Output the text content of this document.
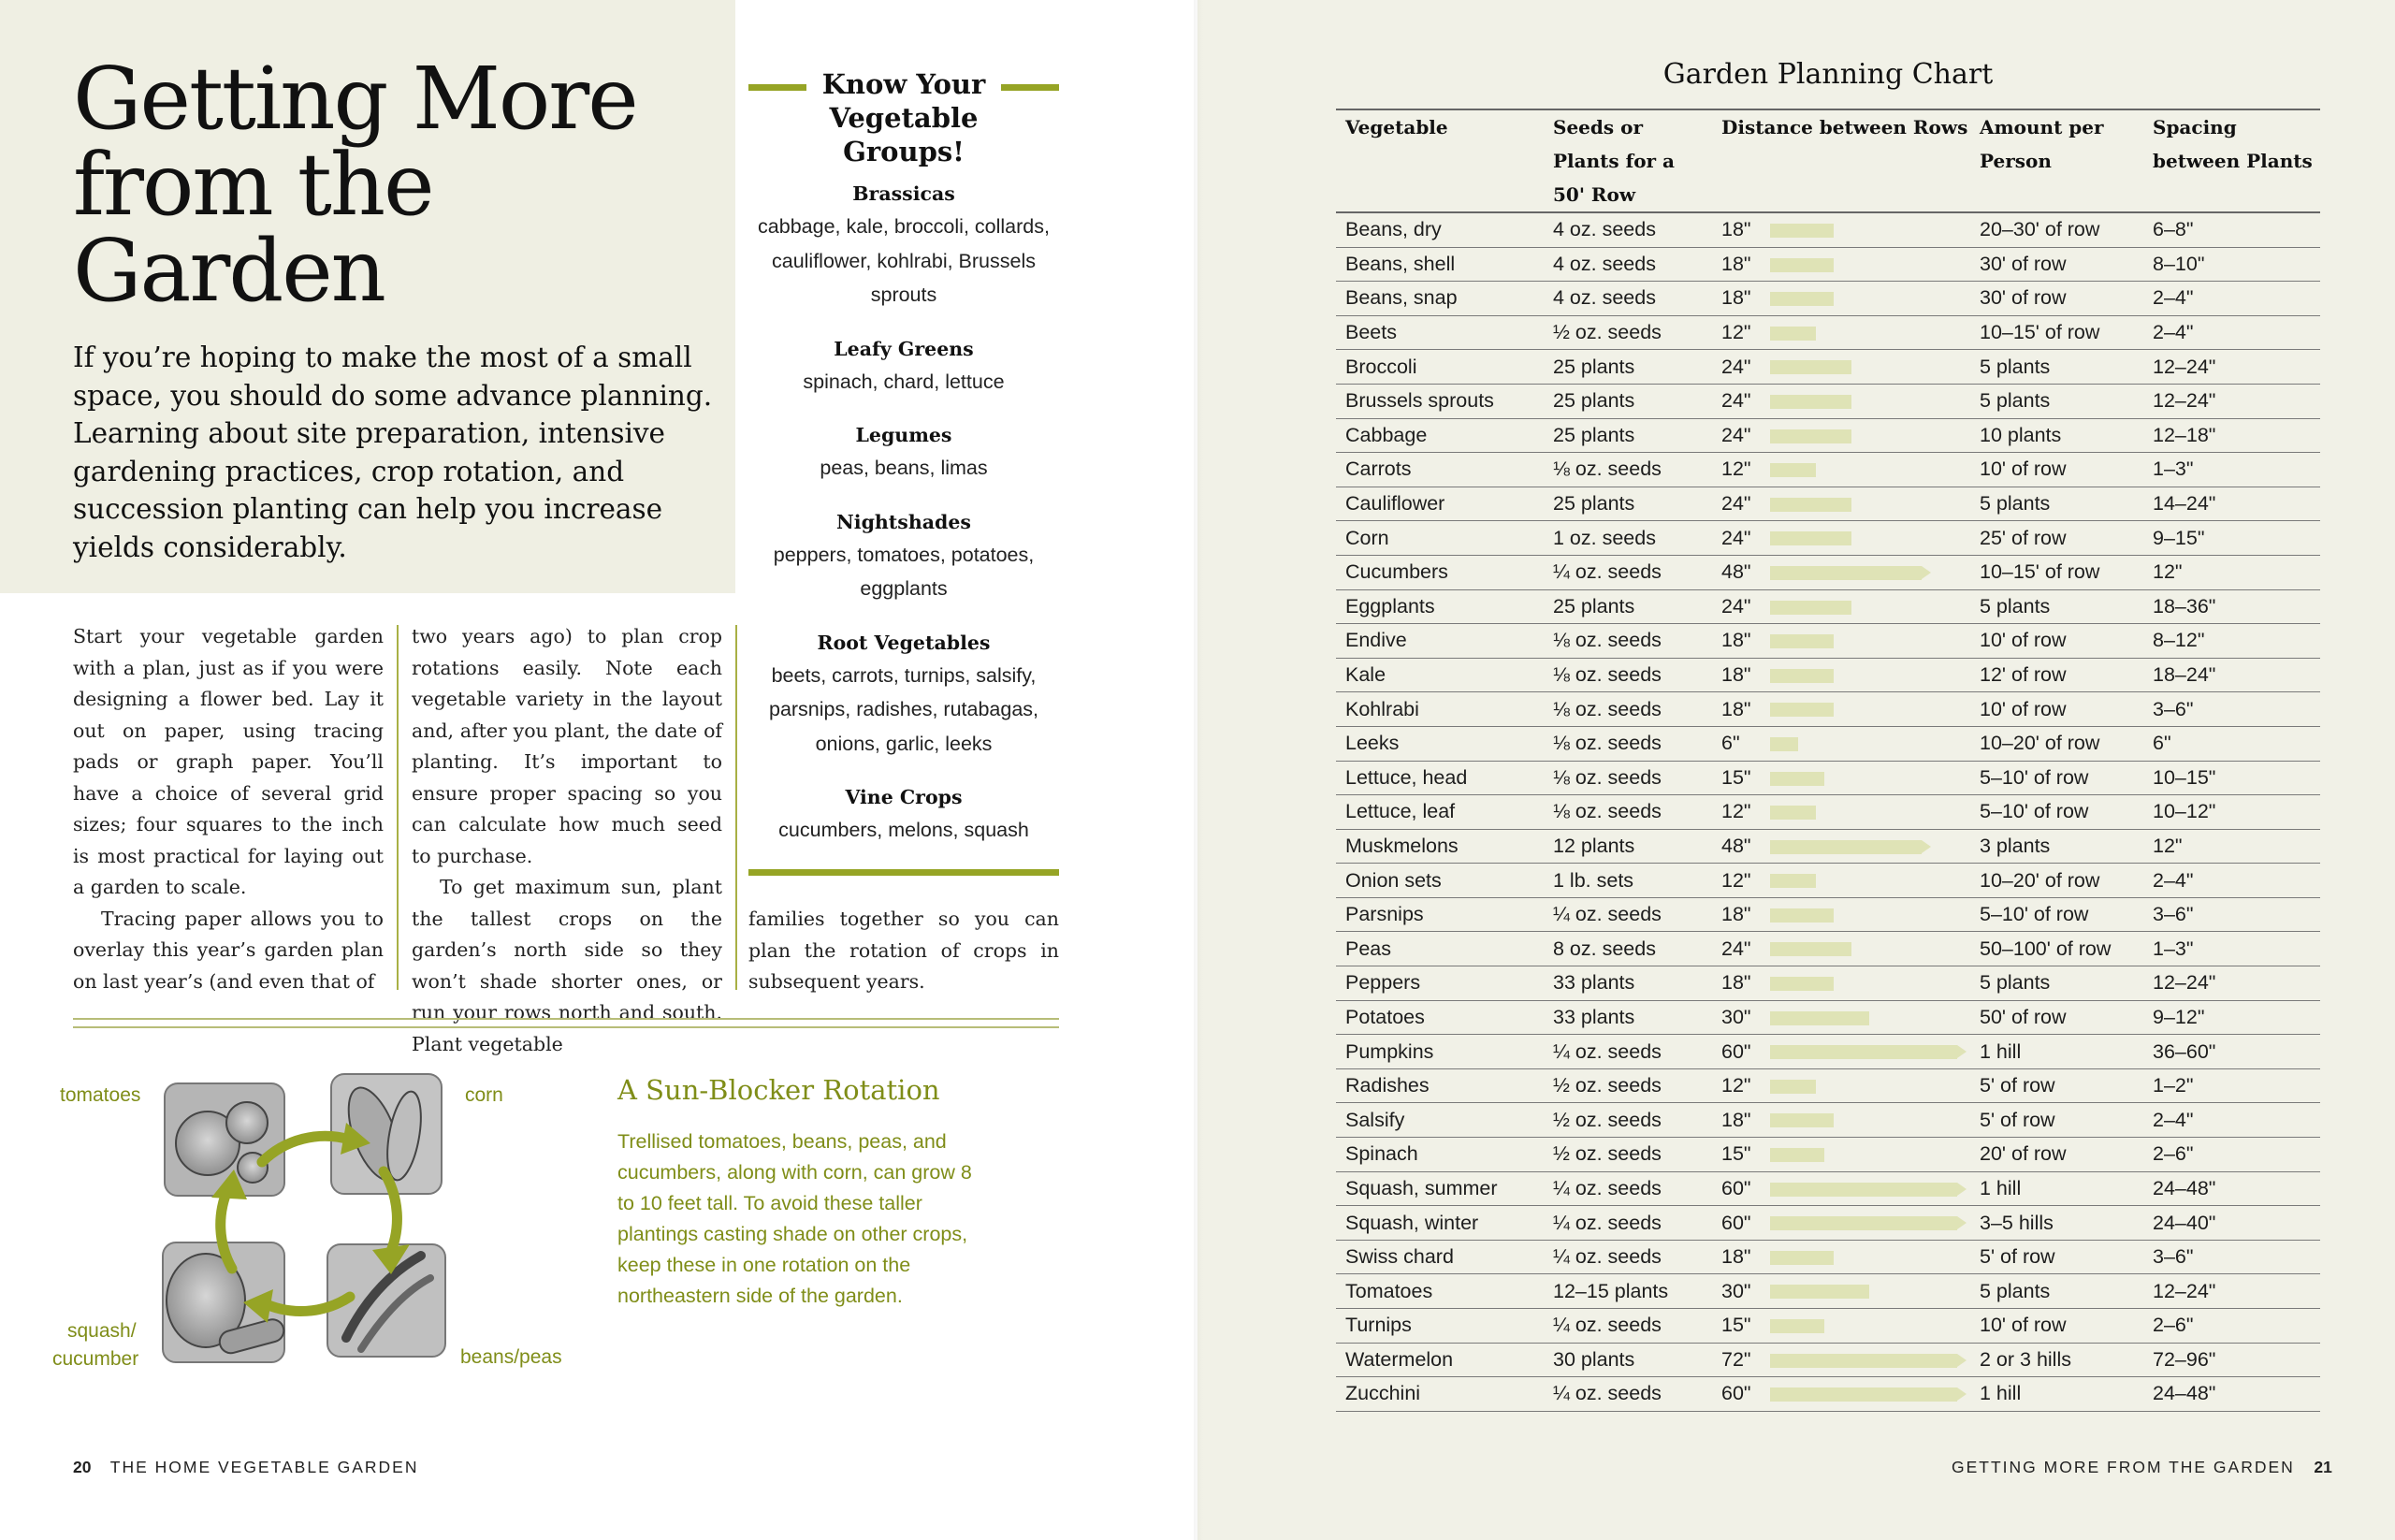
Getting More from the Garden

If you’re hoping to make the most of a small space, you should do some advance planning. Learning about site preparation, intensive gardening practices, crop rotation, and succession planting can help you increase yields considerably.

Know Your Vegetable Groups!
Brassicas
cabbage, kale, broccoli, collards, cauliflower, kohlrabi, Brussels sprouts
Leafy Greens
spinach, chard, lettuce
Legumes
peas, beans, limas
Nightshades
peppers, tomatoes, potatoes, eggplants
Root Vegetables
beets, carrots, turnips, salsify, parsnips, radishes, rutabagas, onions, garlic, leeks
Vine Crops
cucumbers, melons, squash

Start your vegetable garden with a plan, just as if you were designing a flower bed. Lay it out on paper, using tracing pads or graph paper. You’ll have a choice of several grid sizes; four squares to the inch is most practical for laying out a garden to scale.

Tracing paper allows you to overlay this year’s garden plan on last year’s (and even that of

two years ago) to plan crop rotations easily. Note each vegetable variety in the layout and, after you plant, the date of planting. It’s important to ensure proper spacing so you can calculate how much seed to purchase.

To get maximum sun, plant the tallest crops on the garden’s north side so they won’t shade shorter ones, or run your rows north and south. Plant vegetable

families together so you can plan the rotation of crops in subsequent years.

tomatoes	corn
squash/
cucumber	beans/peas
A Sun-Blocker Rotation

Trellised tomatoes, beans, peas, and cucumbers, along with corn, can grow 8 to 10 feet tall. To avoid these taller plantings casting shade on other crops, keep these in one rotation on the northeastern side of the garden.

20 THE HOME VEGETABLE GARDEN
Garden Planning Chart
Vegetable	Seeds or Plants for a 50' Row	Distance between Rows	Amount per Person	Spacing between Plants
Beans, dry	4 oz. seeds	18"	20–30' of row	6–8"
Beans, shell	4 oz. seeds	18"	30' of row	8–10"
Beans, snap	4 oz. seeds	18"	30' of row	2–4"
Beets	½ oz. seeds	12"	10–15' of row	2–4"
Broccoli	25 plants	24"	5 plants	12–24"
Brussels sprouts	25 plants	24"	5 plants	12–24"
Cabbage	25 plants	24"	10 plants	12–18"
Carrots	⅛ oz. seeds	12"	10' of row	1–3"
Cauliflower	25 plants	24"	5 plants	14–24"
Corn	1 oz. seeds	24"	25' of row	9–15"
Cucumbers	¼ oz. seeds	48"	10–15' of row	12"
Eggplants	25 plants	24"	5 plants	18–36"
Endive	⅛ oz. seeds	18"	10' of row	8–12"
Kale	⅛ oz. seeds	18"	12' of row	18–24"
Kohlrabi	⅛ oz. seeds	18"	10' of row	3–6"
Leeks	⅛ oz. seeds	6"	10–20' of row	6"
Lettuce, head	⅛ oz. seeds	15"	5–10' of row	10–15"
Lettuce, leaf	⅛ oz. seeds	12"	5–10' of row	10–12"
Muskmelons	12 plants	48"	3 plants	12"
Onion sets	1 lb. sets	12"	10–20' of row	2–4"
Parsnips	¼ oz. seeds	18"	5–10' of row	3–6"
Peas	8 oz. seeds	24"	50–100' of row	1–3"
Peppers	33 plants	18"	5 plants	12–24"
Potatoes	33 plants	30"	50' of row	9–12"
Pumpkins	¼ oz. seeds	60"	1 hill	36–60"
Radishes	½ oz. seeds	12"	5' of row	1–2"
Salsify	½ oz. seeds	18"	5' of row	2–4"
Spinach	½ oz. seeds	15"	20' of row	2–6"
Squash, summer	¼ oz. seeds	60"	1 hill	24–48"
Squash, winter	¼ oz. seeds	60"	3–5 hills	24–40"
Swiss chard	¼ oz. seeds	18"	5' of row	3–6"
Tomatoes	12–15 plants	30"	5 plants	12–24"
Turnips	¼ oz. seeds	15"	10' of row	2–6"
Watermelon	30 plants	72"	2 or 3 hills	72–96"
Zucchini	¼ oz. seeds	60"	1 hill	24–48"
GETTING MORE FROM THE GARDEN 21
